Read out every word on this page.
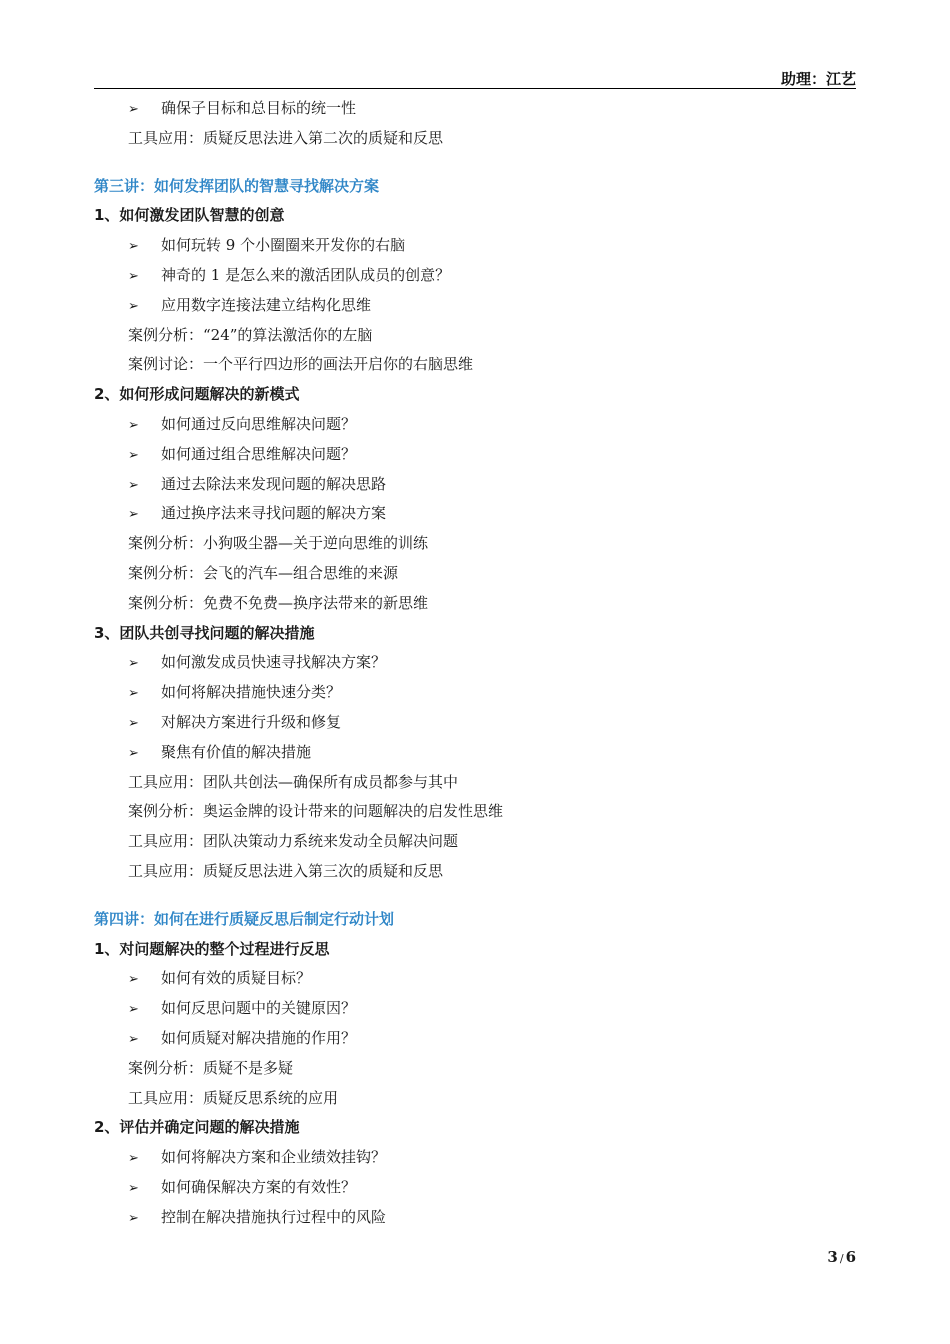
助理：江艺
➢ 确保子目标和总目标的统一性
工具应用：质疑反思法进入第二次的质疑和反思
第三讲：如何发挥团队的智慧寻找解决方案
1、如何激发团队智慧的创意
➢ 如何玩转 9 个小圈圈来开发你的右脑
➢ 神奇的 1 是怎么来的激活团队成员的创意？
➢ 应用数字连接法建立结构化思维
案例分析：“24”的算法激活你的左脑
案例讨论：一个平行四边形的画法开启你的右脑思维
2、如何形成问题解决的新模式
➢ 如何通过反向思维解决问题？
➢ 如何通过组合思维解决问题？
➢ 通过去除法来发现问题的解决思路
➢ 通过换序法来寻找问题的解决方案
案例分析：小狗吸尘器—关于逆向思维的训练
案例分析：会飞的汽车—组合思维的来源
案例分析：免费不免费—换序法带来的新思维
3、团队共创寻找问题的解决措施
➢ 如何激发成员快速寻找解决方案？
➢ 如何将解决措施快速分类？
➢ 对解决方案进行升级和修复
➢ 聚焦有价值的解决措施
工具应用：团队共创法—确保所有成员都参与其中
案例分析：奥运金牌的设计带来的问题解决的启发性思维
工具应用：团队决策动力系统来发动全员解决问题
工具应用：质疑反思法进入第三次的质疑和反思
第四讲：如何在进行质疑反思后制定行动计划
1、对问题解决的整个过程进行反思
➢ 如何有效的质疑目标？
➢ 如何反思问题中的关键原因？
➢ 如何质疑对解决措施的作用？
案例分析：质疑不是多疑
工具应用：质疑反思系统的应用
2、评估并确定问题的解决措施
➢ 如何将解决方案和企业绩效挂钩？
➢ 如何确保解决方案的有效性？
➢ 控制在解决措施执行过程中的风险
3 / 6
